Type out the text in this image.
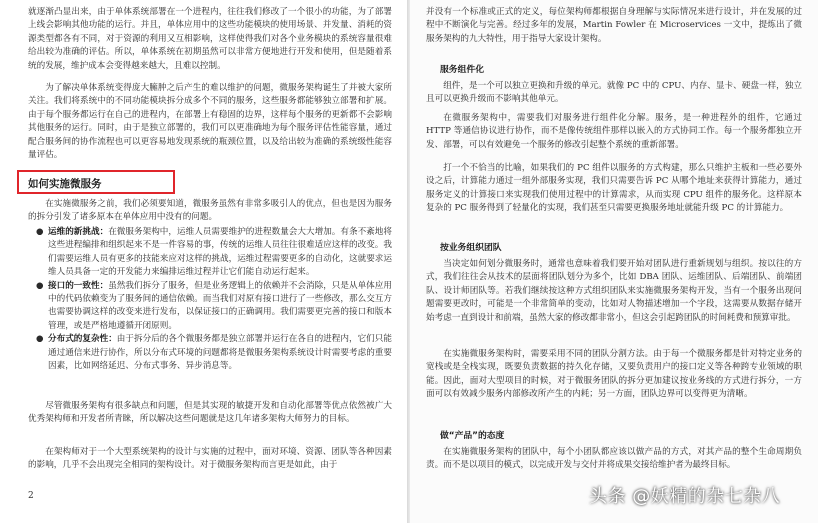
就逐渐凸显出来，由于单体系统部署在一个进程内，往往我们修改了一个很小的功能，为了部署上线会影响其他功能的运行。并且，单体应用中的这些功能模块的使用场景、并发量、消耗的资源类型都各有不同，对于资源的利用又互相影响，这样使得我们对各个业务模块的系统容量很难给出较为准确的评估。所以，单体系统在初期虽然可以非常方便地进行开发和使用，但是随着系统的发展，维护成本会变得越来越大，且难以控制。

为了解决单体系统变得庞大臃肿之后产生的难以维护的问题，微服务架构诞生了并被大家所关注。我们将系统中的不同功能模块拆分成多个不同的服务，这些服务都能够独立部署和扩展。由于每个服务都运行在自己的进程内，在部署上有稳固的边界，这样每个服务的更新都不会影响其他服务的运行。同时，由于是独立部署的，我们可以更准确地为每个服务评估性能容量，通过配合服务间的协作流程也可以更容易地发现系统的瓶颈位置，以及给出较为准确的系统级性能容量评估。

如何实施微服务

在实施微服务之前，我们必须要知道，微服务虽然有非常多吸引人的优点，但也是因为服务的拆分引发了诸多原本在单体应用中没有的问题。

● 运维的新挑战：在微服务架构中，运维人员需要维护的进程数量会大大增加。有条不紊地将这些进程编排和组织起来不是一件容易的事，传统的运维人员往往很难适应这样的改变。我们需要运维人员有更多的技能来应对这样的挑战，运维过程需要更多的自动化，这就要求运维人员具备一定的开发能力来编排运维过程并让它们能自动运行起来。
● 接口的一致性：虽然我们拆分了服务，但是业务逻辑上的依赖并不会消除，只是从单体应用中的代码依赖变为了服务间的通信依赖。而当我们对原有接口进行了一些修改，那么交互方也需要协调这样的改变来进行发布，以保证接口的正确调用。我们需要更完善的接口和版本管理，或是严格地遵循开闭原则。
● 分布式的复杂性：由于拆分后的各个微服务都是独立部署并运行在各自的进程内，它们只能通过通信来进行协作，所以分布式环境的问题都将是微服务架构系统设计时需要考虑的重要因素，比如网络延迟、分布式事务、异步消息等。

尽管微服务架构有很多缺点和问题，但是其实现的敏捷开发和自动化部署等优点依然被广大优秀架构师和开发者所青睐，所以解决这些问题就是这几年诸多架构大师努力的目标。

在架构师对于一个大型系统架构的设计与实施的过程中，面对环境、资源、团队等各种因素的影响，几乎不会出现完全相同的架构设计。对于微服务架构而言更是如此，由于

2

并没有一个标准或正式的定义，每位架构师都根据自身理解与实际情况来进行设计，并在发展的过程中不断演化与完善。经过多年的发展，Martin Fowler 在 Microservices 一文中，提炼出了微服务架构的九大特性，用于指导大家设计架构。

服务组件化

组件，是一个可以独立更换和升级的单元。就像 PC 中的 CPU、内存、显卡、硬盘一样，独立且可以更换升级而不影响其他单元。

在微服务架构中，需要我们对服务进行组件化分解。服务，是一种进程外的组件，它通过 HTTP 等通信协议进行协作，而不是像传统组件那样以嵌入的方式协同工作。每一个服务都独立开发、部署，可以有效避免一个服务的修改引起整个系统的重新部署。

打一个不恰当的比喻，如果我们的 PC 组件以服务的方式构建，那么只维护主板和一些必要外设之后，计算能力通过一组外部服务实现，我们只需要告诉 PC 从哪个地址来获得计算能力，通过服务定义的计算接口来实现我们使用过程中的计算需求，从而实现 CPU 组件的服务化。这样原本复杂的 PC 服务得到了轻量化的实现，我们甚至只需要更换服务地址就能升级 PC 的计算能力。

按业务组织团队

当决定如何划分微服务时，通常也意味着我们要开始对团队进行重新规划与组织。按以往的方式，我们往往会从技术的层面将团队划分为多个，比如 DBA 团队、运维团队、后端团队、前端团队、设计师团队等。若我们继续按这种方式组织团队来实施微服务架构开发，当有一个服务出现问题需要更改时，可能是一个非常简单的变动，比如对人物描述增加一个字段，这需要从数据存储开始考虑一直到设计和前端，虽然大家的修改都非常小，但这会引起跨团队的时间耗费和预算审批。

在实施微服务架构时，需要采用不同的团队分割方法。由于每一个微服务都是针对特定业务的宽栈或是全栈实现，既要负责数据的持久化存储，又要负责用户的接口定义等各种跨专业领域的职能。因此，面对大型项目的时候，对于微服务团队的拆分更加建议按业务线的方式进行拆分，一方面可以有效减少服务内部修改所产生的内耗；另一方面，团队边界可以变得更为清晰。

做“产品”的态度

在实施微服务架构的团队中，每个小团队都应该以做产品的方式，对其产品的整个生命周期负责。而不是以项目的模式，以完成开发与交付并将成果交接给维护者为最终目标。

头条 @妖精的杂七杂八
